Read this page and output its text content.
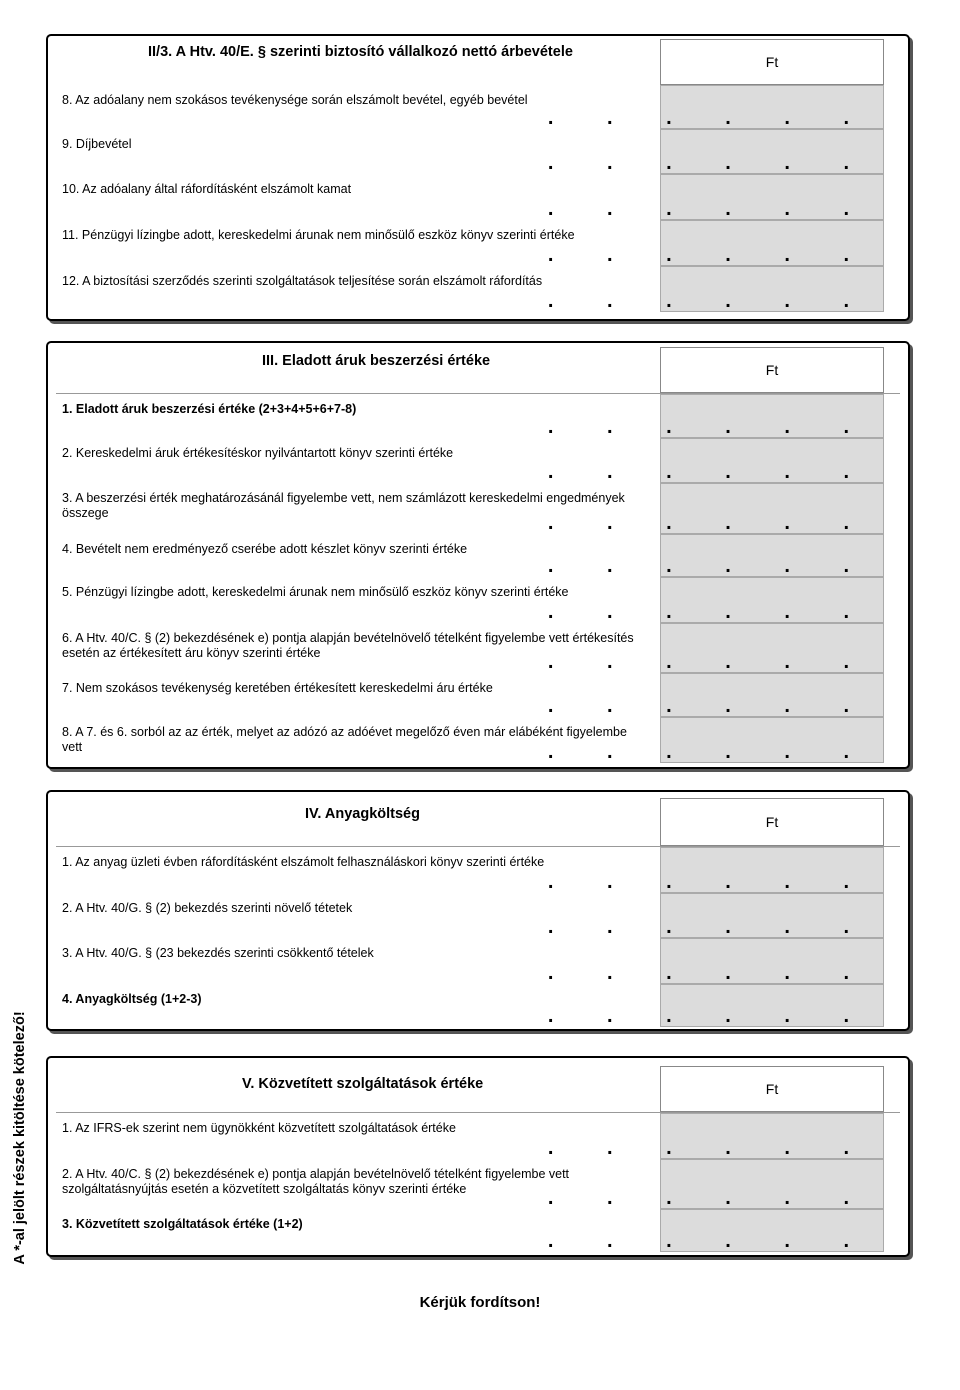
II/3. A Htv. 40/E. § szerinti biztosító vállalkozó nettó árbevétele
Ft
8. Az adóalany nem szokásos tevékenysége során elszámolt bevétel, egyéb bevétel
. . . . . .
9. Díjbevétel
. . . . . .
10. Az adóalany által ráfordításként elszámolt kamat
. . . . . .
11. Pénzügyi lízingbe adott, kereskedelmi árunak nem minősülő eszköz könyv szerinti értéke
. . . . . .
12. A biztosítási szerződés szerinti szolgáltatások teljesítése során elszámolt ráfordítás
. . . . . .
III. Eladott áruk beszerzési értéke
Ft
1. Eladott áruk beszerzési értéke (2+3+4+5+6+7-8)
. . . . . .
2. Kereskedelmi áruk értékesítéskor nyilvántartott könyv szerinti értéke
. . . . . .
3. A beszerzési érték meghatározásánál figyelembe vett, nem számlázott kereskedelmi engedmények összege	. . . . . .
4. Bevételt nem eredményező cserébe adott készlet könyv szerinti értéke
. . . . . .
5. Pénzügyi lízingbe adott, kereskedelmi árunak nem minősülő eszköz könyv szerinti értéke
. . . . . .
6. A Htv. 40/C. § (2) bekezdésének e) pontja alapján bevételnövelő tételként figyelembe vett értékesítés esetén az értékesített áru könyv szerinti értéke	. . . . . .
7. Nem szokásos tevékenység keretében értékesített kereskedelmi áru értéke
. . . . . .
8. A 7. és 6. sorból az az érték, melyet az adózó az adóévet megelőző éven már elábéként figyelembe vett	. . . . . .
IV. Anyagköltség	Ft
1. Az anyag üzleti évben ráfordításként elszámolt felhasználáskori könyv szerinti értéke
. . . . . .
2. A Htv. 40/G. § (2) bekezdés szerinti növelő tétetek
. . . . . .
3. A Htv. 40/G. § (23 bekezdés szerinti csökkentő tételek
. . . . . .
4. Anyagköltség (1+2-3)
. . . . . .
V. Közvetített szolgáltatások értéke	Ft
1. Az IFRS-ek szerint nem ügynökként közvetített szolgáltatások értéke
. . . . . .
2. A Htv. 40/C. § (2) bekezdésének e) pontja alapján bevételnövelő tételként figyelembe vett szolgáltatásnyújtás esetén a közvetített szolgáltatás könyv szerinti értéke	. . . . . .
3. Közvetített szolgáltatások értéke (1+2)
. . . . . .
A *-al jelölt részek kitöltése kötelező!
Kérjük fordítson!
